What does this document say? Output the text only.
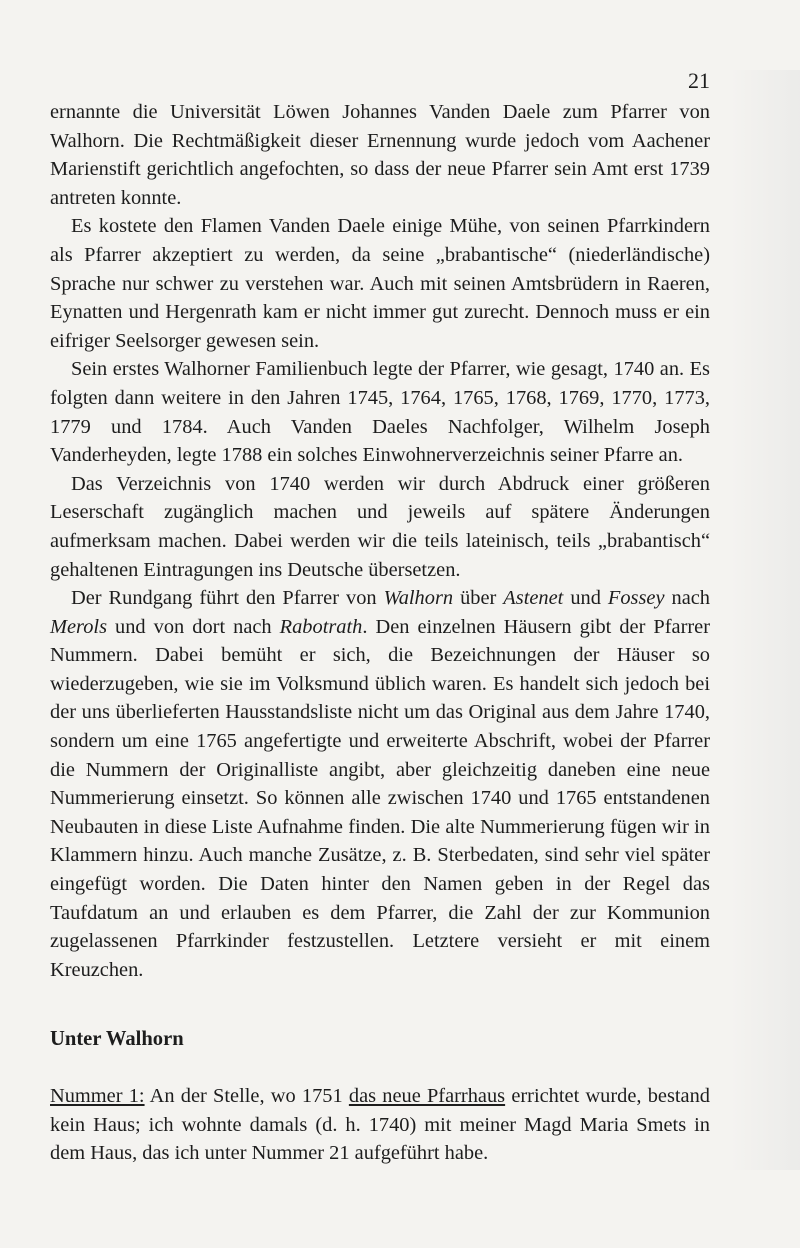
21

ernannte die Universität Löwen Johannes Vanden Daele zum Pfarrer von Walhorn. Die Rechtmäßigkeit dieser Ernennung wurde jedoch vom Aachener Marienstift gerichtlich angefochten, so dass der neue Pfarrer sein Amt erst 1739 antreten konnte.

Es kostete den Flamen Vanden Daele einige Mühe, von seinen Pfarrkindern als Pfarrer akzeptiert zu werden, da seine „brabantische“ (niederländische) Sprache nur schwer zu verstehen war. Auch mit seinen Amtsbrüdern in Raeren, Eynatten und Hergenrath kam er nicht immer gut zurecht. Dennoch muss er ein eifriger Seelsorger gewesen sein.

Sein erstes Walhorner Familienbuch legte der Pfarrer, wie gesagt, 1740 an. Es folgten dann weitere in den Jahren 1745, 1764, 1765, 1768, 1769, 1770, 1773, 1779 und 1784. Auch Vanden Daeles Nachfolger, Wilhelm Joseph Vanderheyden, legte 1788 ein solches Einwohnerverzeichnis seiner Pfarre an.

Das Verzeichnis von 1740 werden wir durch Abdruck einer größeren Leserschaft zugänglich machen und jeweils auf spätere Änderungen aufmerksam machen. Dabei werden wir die teils lateinisch, teils „brabantisch“ gehaltenen Eintragungen ins Deutsche übersetzen.

Der Rundgang führt den Pfarrer von Walhorn über Astenet und Fossey nach Merols und von dort nach Rabotrath. Den einzelnen Häusern gibt der Pfarrer Nummern. Dabei bemüht er sich, die Bezeichnungen der Häuser so wiederzugeben, wie sie im Volksmund üblich waren. Es handelt sich jedoch bei der uns überlieferten Hausstandsliste nicht um das Original aus dem Jahre 1740, sondern um eine 1765 angefertigte und erweiterte Abschrift, wobei der Pfarrer die Nummern der Originalliste angibt, aber gleichzeitig daneben eine neue Nummerierung einsetzt. So können alle zwischen 1740 und 1765 entstandenen Neubauten in diese Liste Aufnahme finden. Die alte Nummerierung fügen wir in Klammern hinzu. Auch manche Zusätze, z. B. Sterbedaten, sind sehr viel später eingefügt worden. Die Daten hinter den Namen geben in der Regel das Taufdatum an und erlauben es dem Pfarrer, die Zahl der zur Kommunion zugelassenen Pfarrkinder festzustellen. Letztere versieht er mit einem Kreuzchen.

Unter Walhorn

Nummer 1: An der Stelle, wo 1751 das neue Pfarrhaus errichtet wurde, bestand kein Haus; ich wohnte damals (d. h. 1740) mit meiner Magd Maria Smets in dem Haus, das ich unter Nummer 21 aufgeführt habe.
